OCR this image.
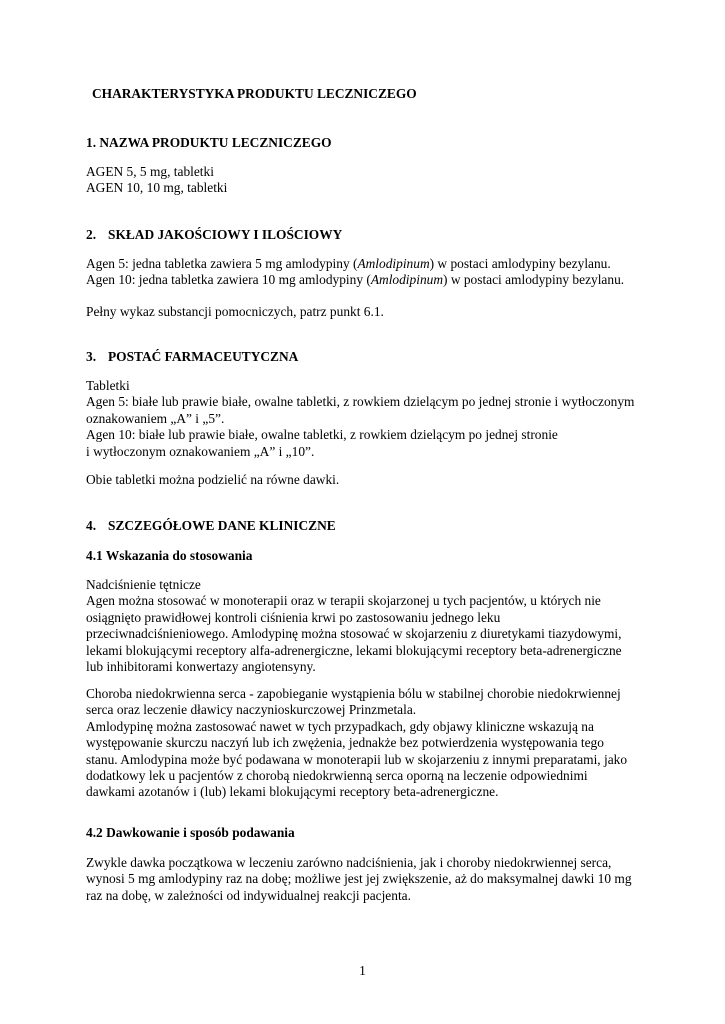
CHARAKTERYSTYKA PRODUKTU LECZNICZEGO
1. NAZWA PRODUKTU LECZNICZEGO
AGEN 5, 5 mg, tabletki
AGEN 10, 10 mg, tabletki
2. SKŁAD JAKOŚCIOWY I ILOŚCIOWY
Agen 5: jedna tabletka zawiera 5 mg amlodypiny (Amlodipinum) w postaci amlodypiny bezylanu.
Agen 10: jedna tabletka zawiera 10 mg amlodypiny (Amlodipinum) w postaci amlodypiny bezylanu.
Pełny wykaz substancji pomocniczych, patrz punkt 6.1.
3. POSTAĆ FARMACEUTYCZNA
Tabletki
Agen 5: białe lub prawie białe, owalne tabletki, z rowkiem dzielącym po jednej stronie i wytłoczonym
oznakowaniem „A” i „5”.
Agen 10: białe lub prawie białe, owalne tabletki, z rowkiem dzielącym po jednej stronie
i wytłoczonym oznakowaniem „A” i „10”.
Obie tabletki można podzielić na równe dawki.
4. SZCZEGÓŁOWE DANE KLINICZNE
4.1 Wskazania do stosowania
Nadciśnienie tętnicze
Agen można stosować w monoterapii oraz w terapii skojarzonej u tych pacjentów, u których nie
osiągnięto prawidłowej kontroli ciśnienia krwi po zastosowaniu jednego leku
przeciwnadciśnieniowego. Amlodypinę można stosować w skojarzeniu z diuretykami tiazydowymi,
lekami blokującymi receptory alfa-adrenergiczne, lekami blokującymi receptory beta-adrenergiczne
lub inhibitorami konwertazy angiotensyny.
Choroba niedokrwienna serca - zapobieganie wystąpienia bólu w stabilnej chorobie niedokrwiennej
serca oraz leczenie dławicy naczynioskurczowej Prinzmetala.
Amlodypinę można zastosować nawet w tych przypadkach, gdy objawy kliniczne wskazują na
występowanie skurczu naczyń lub ich zwężenia, jednakże bez potwierdzenia występowania tego
stanu. Amlodypina może być podawana w monoterapii lub w skojarzeniu z innymi preparatami, jako
dodatkowy lek u pacjentów z chorobą niedokrwienną serca oporną na leczenie odpowiednimi
dawkami azotanów i (lub) lekami blokującymi receptory beta-adrenergiczne.
4.2 Dawkowanie i sposób podawania
Zwykle dawka początkowa w leczeniu zarówno nadciśnienia, jak i choroby niedokrwiennej serca,
wynosi 5 mg amlodypiny raz na dobę; możliwe jest jej zwiększenie, aż do maksymalnej dawki 10 mg
raz na dobę, w zależności od indywidualnej reakcji pacjenta.
1
